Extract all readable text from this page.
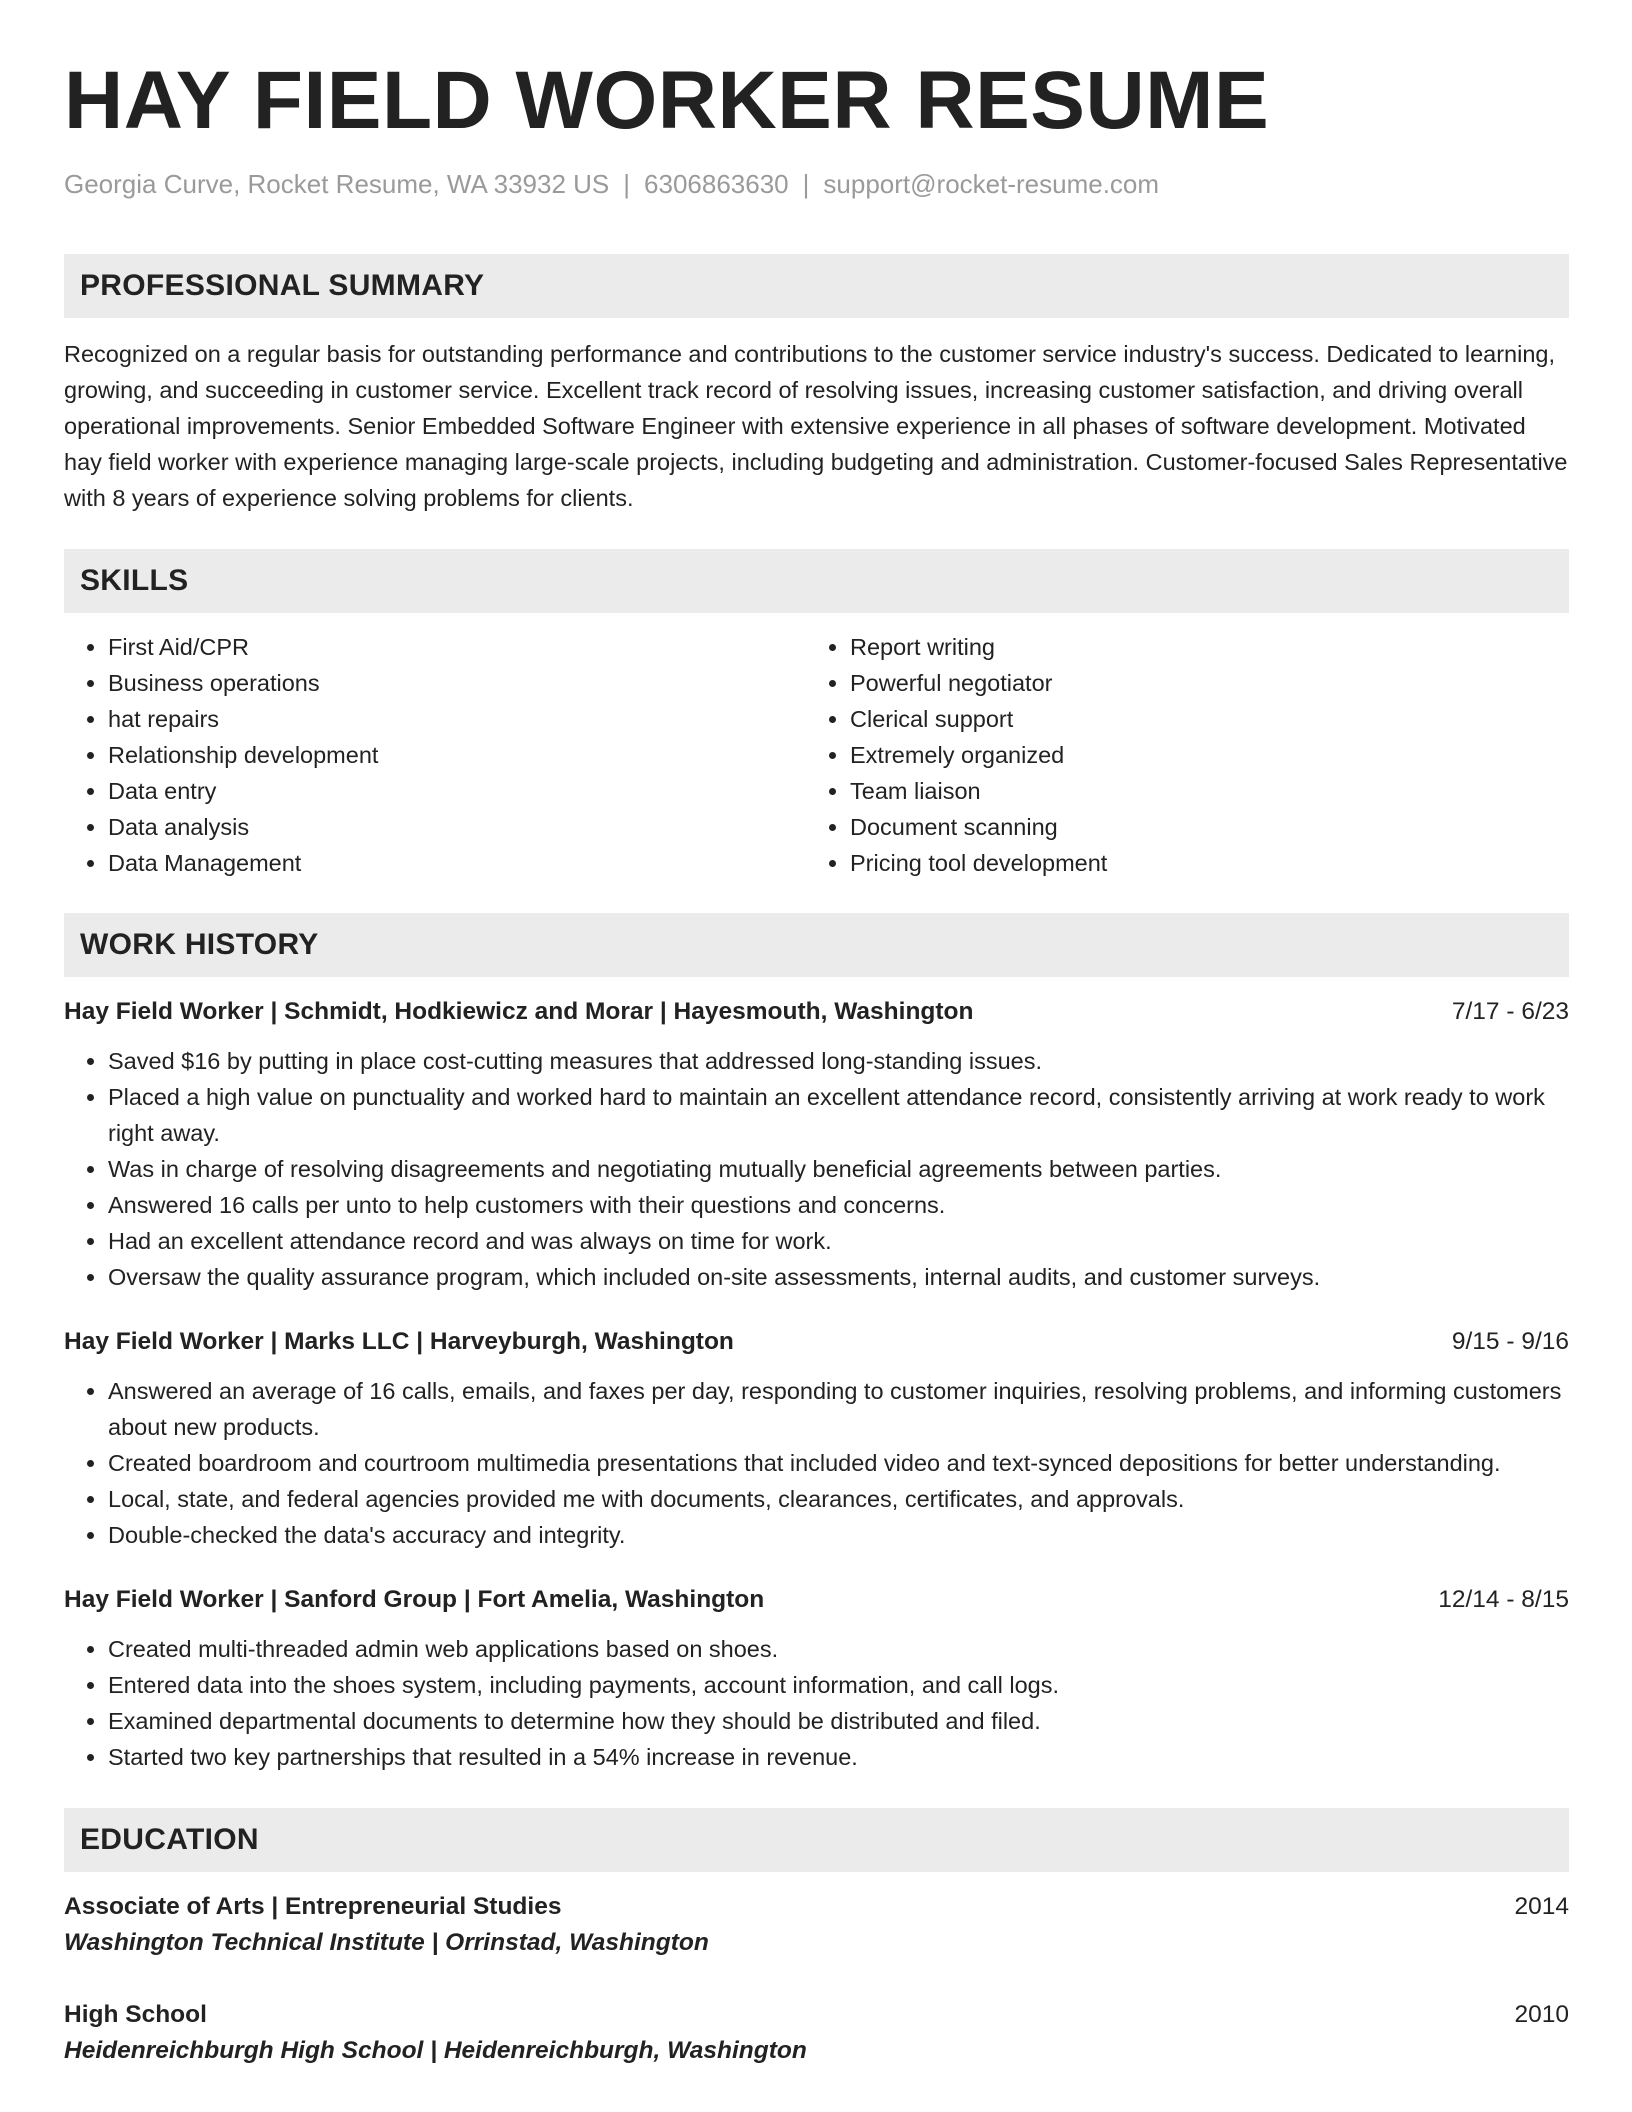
HAY FIELD WORKER RESUME
Georgia Curve, Rocket Resume, WA 33932 US | 6306863630 | support@rocket-resume.com
PROFESSIONAL SUMMARY
Recognized on a regular basis for outstanding performance and contributions to the customer service industry's success. Dedicated to learning, growing, and succeeding in customer service. Excellent track record of resolving issues, increasing customer satisfaction, and driving overall operational improvements. Senior Embedded Software Engineer with extensive experience in all phases of software development. Motivated hay field worker with experience managing large-scale projects, including budgeting and administration. Customer-focused Sales Representative with 8 years of experience solving problems for clients.
SKILLS
• First Aid/CPR
• Business operations
• hat repairs
• Relationship development
• Data entry
• Data analysis
• Data Management
• Report writing
• Powerful negotiator
• Clerical support
• Extremely organized
• Team liaison
• Document scanning
• Pricing tool development
WORK HISTORY
Hay Field Worker | Schmidt, Hodkiewicz and Morar | Hayesmouth, Washington	7/17 - 6/23
• Saved $16 by putting in place cost-cutting measures that addressed long-standing issues.
• Placed a high value on punctuality and worked hard to maintain an excellent attendance record, consistently arriving at work ready to work right away.
• Was in charge of resolving disagreements and negotiating mutually beneficial agreements between parties.
• Answered 16 calls per unto to help customers with their questions and concerns.
• Had an excellent attendance record and was always on time for work.
• Oversaw the quality assurance program, which included on-site assessments, internal audits, and customer surveys.
Hay Field Worker | Marks LLC | Harveyburgh, Washington	9/15 - 9/16
• Answered an average of 16 calls, emails, and faxes per day, responding to customer inquiries, resolving problems, and informing customers about new products.
• Created boardroom and courtroom multimedia presentations that included video and text-synced depositions for better understanding.
• Local, state, and federal agencies provided me with documents, clearances, certificates, and approvals.
• Double-checked the data's accuracy and integrity.
Hay Field Worker | Sanford Group | Fort Amelia, Washington	12/14 - 8/15
• Created multi-threaded admin web applications based on shoes.
• Entered data into the shoes system, including payments, account information, and call logs.
• Examined departmental documents to determine how they should be distributed and filed.
• Started two key partnerships that resulted in a 54% increase in revenue.
EDUCATION
Associate of Arts | Entrepreneurial Studies	2014
Washington Technical Institute | Orrinstad, Washington
High School	2010
Heidenreichburgh High School | Heidenreichburgh, Washington
